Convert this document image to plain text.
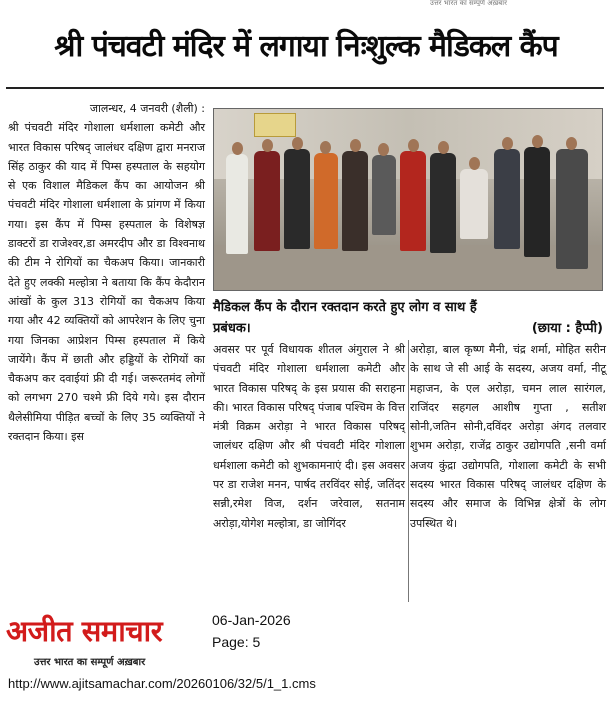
उत्तर भारत का सम्पूर्ण अख़बार
श्री पंचवटी मंदिर में लगाया निःशुल्क मैडिकल कैंप
जालन्धर, 4 जनवरी (शैली) :

श्री पंचवटी मंदिर गोशाला धर्मशाला कमेटी और भारत विकास परिषद् जालंधर दक्षिण द्वारा मनराज सिंह ठाकुर की याद में पिम्स हस्पताल के सहयोग से एक विशाल मैडिकल कैंप का आयोजन श्री पंचवटी मंदिर गोशाला धर्मशाला के प्रांगण में किया गया। इस कैंप में पिम्स हस्पताल के विशेषज्ञ डाक्टरों डा राजेश्वर,डा अमरदीप और डा विश्वनाथ की टीम ने रोगियों का चैकअप किया। जानकारी देते हुए लक्की मल्होत्रा ने बताया कि कैंप केदौरान आंखों के कुल 313 रोगियों का चैकअप किया गया और 42 व्यक्तियों को आपरेशन के लिए चुना गया जिनका आप्रेशन पिम्स हस्पताल में किये जायेंगे। कैंप में छाती और हड्डियों के रोगियों का चैकअप कर दवाईयां फ्री दी गई। जरूरतमंद लोगों को लगभग 270 चश्मे फ्री दिये गये। इस दौरान थैलेसीमिया पीड़ित बच्चों के लिए 35 व्यक्तियों ने रक्तदान किया। इस

मैडिकल कैंप के दौरान रक्तदान करते हुए लोग व साथ हैं
प्रबंधक।	(छाया : हैप्पी)

अवसर पर पूर्व विधायक शीतल अंगुराल ने श्री पंचवटी मंदिर गोशाला धर्मशाला कमेटी और भारत विकास परिषद् के इस प्रयास की सराहना की। भारत विकास परिषद् पंजाब पश्चिम के वित्त मंत्री विक्रम अरोड़ा ने भारत विकास परिषद् जालंधर दक्षिण और श्री पंचवटी मंदिर गोशाला धर्मशाला कमेटी को शुभकामनाएं दी। इस अवसर पर डा राजेश मनन, पार्षद तरविंदर सोई, जतिंदर सन्नी,रमेश विज, दर्शन जरेवाल, सतनाम अरोड़ा,योगेश मल्होत्रा, डा जोगिंदर

अरोड़ा, बाल कृष्ण मैनी, चंद्र शर्मा, मोहित सरीन के साथ जे सी आई के सदस्य, अजय वर्मा, नीटू महाजन, के एल अरोड़ा, चमन लाल सारंगल, राजिंदर सहगल आशीष गुप्ता , सतीश सोनी,जतिन सोनी,दविंदर अरोड़ा अंगद तलवार शुभम अरोड़ा, राजेंद्र ठाकुर उद्योगपति ,सनी वर्मा अजय कुंद्रा उद्योगपति, गोशाला कमेटी के सभी सदस्य भारत विकास परिषद् जालंधर दक्षिण के सदस्य और समाज के विभिन्न क्षेत्रों के लोग उपस्थित थे।

अजीत समाचार
उत्तर भारत का सम्पूर्ण अख़बार
06-Jan-2026
Page: 5
http://www.ajitsamachar.com/20260106/32/5/1_1.cms
